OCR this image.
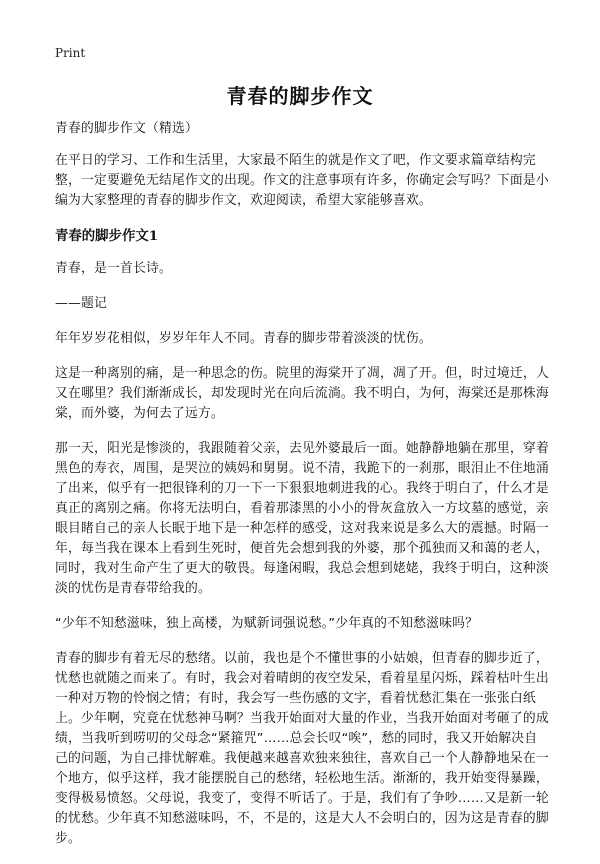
Print
青春的脚步作文
青春的脚步作文（精选）
在平日的学习、工作和生活里，大家最不陌生的就是作文了吧，作文要求篇章结构完整，一定要避免无结尾作文的出现。作文的注意事项有许多，你确定会写吗？下面是小编为大家整理的青春的脚步作文，欢迎阅读，希望大家能够喜欢。
青春的脚步作文1
青春，是一首长诗。
——题记
年年岁岁花相似，岁岁年年人不同。青春的脚步带着淡淡的忧伤。
这是一种离别的痛，是一种思念的伤。院里的海棠开了凋，凋了开。但，时过境迁，人又在哪里？我们渐渐成长，却发现时光在向后流淌。我不明白，为何，海棠还是那株海棠，而外婆，为何去了远方。
那一天，阳光是惨淡的，我跟随着父亲，去见外婆最后一面。她静静地躺在那里，穿着黑色的寿衣，周围，是哭泣的姨妈和舅舅。说不清，我跪下的一刹那，眼泪止不住地涌了出来，似乎有一把很锋利的刀一下一下狠狠地刺进我的心。我终于明白了，什么才是真正的离别之痛。你将无法明白，看着那漆黑的小小的骨灰盒放入一方坟墓的感觉，亲眼目睹自己的亲人长眠于地下是一种怎样的感受，这对我来说是多么大的震撼。时隔一年，每当我在课本上看到生死时，便首先会想到我的外婆，那个孤独而又和蔼的老人，同时，我对生命产生了更大的敬畏。每逢闲暇，我总会想到姥姥，我终于明白，这种淡淡的忧伤是青春带给我的。
“少年不知愁滋味，独上高楼，为赋新词强说愁。”少年真的不知愁滋味吗？
青春的脚步有着无尽的愁绪。以前，我也是个不懂世事的小姑娘，但青春的脚步近了，忧愁也就随之而来了。有时，我会对着晴朗的夜空发呆，看着星星闪烁，踩着枯叶生出一种对万物的怜悯之情；有时，我会写一些伤感的文字，看着忧愁汇集在一张张白纸上。少年啊，究竟在忧愁神马啊？当我开始面对大量的作业，当我开始面对考砸了的成绩，当我听到唠叨的父母念“紧箍咒”……总会长叹“唉”，愁的同时，我又开始解决自己的问题，为自己排忧解难。我便越来越喜欢独来独往，喜欢自己一个人静静地呆在一个地方，似乎这样，我才能摆脱自己的愁绪，轻松地生活。渐渐的，我开始变得暴躁，变得极易愤怒。父母说，我变了，变得不听话了。于是，我们有了争吵……又是新一轮的忧愁。少年真不知愁滋味吗，不，不是的，这是大人不会明白的，因为这是青春的脚步。
